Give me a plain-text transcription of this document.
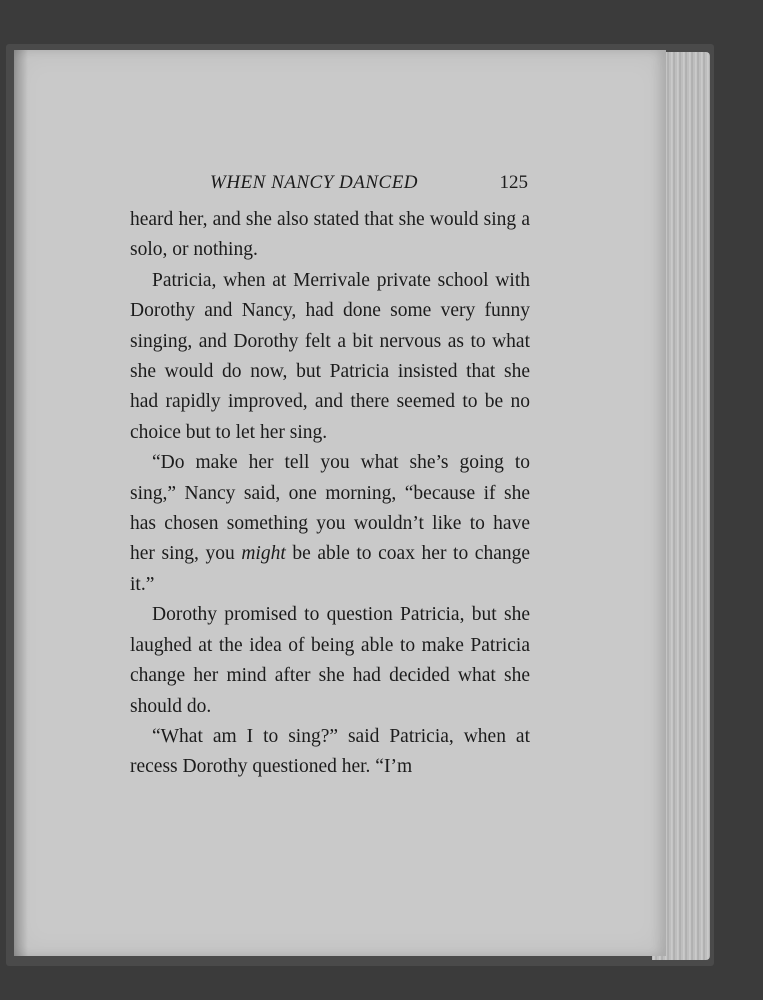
WHEN NANCY DANCED	125

heard her, and she also stated that she would sing a solo, or nothing.

Patricia, when at Merrivale private school with Dorothy and Nancy, had done some very funny singing, and Dorothy felt a bit nervous as to what she would do now, but Patricia insisted that she had rapidly improved, and there seemed to be no choice but to let her sing.

“Do make her tell you what she’s going to sing,” Nancy said, one morning, “because if she has chosen something you wouldn’t like to have her sing, you might be able to coax her to change it.”

Dorothy promised to question Patricia, but she laughed at the idea of being able to make Patricia change her mind after she had decided what she should do.

“What am I to sing?” said Patricia, when at recess Dorothy questioned her. “I’m
